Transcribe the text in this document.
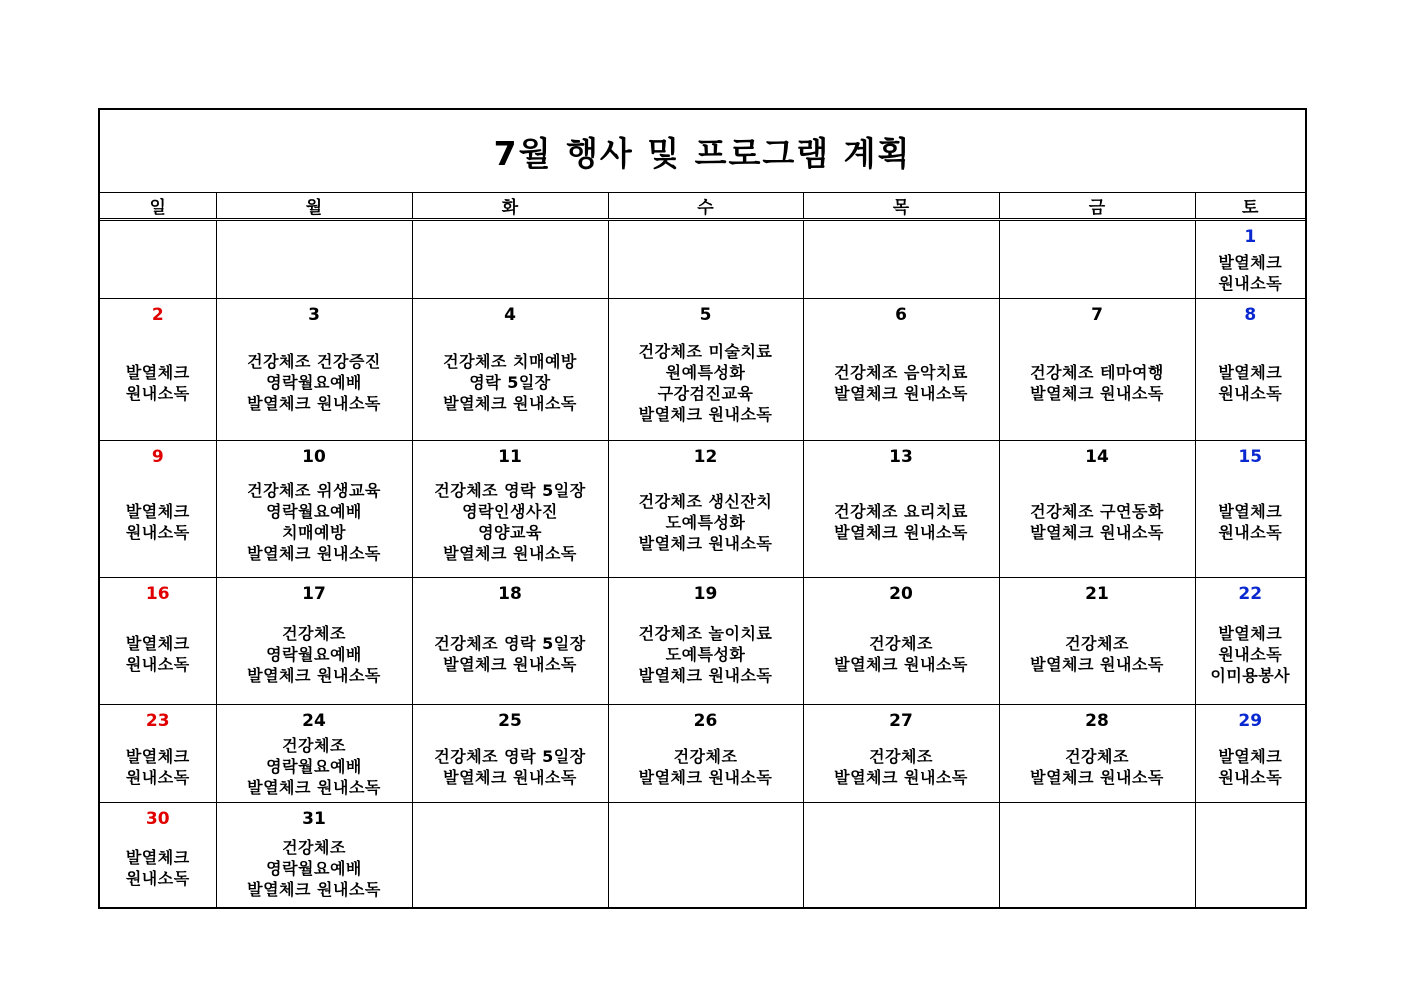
7월 행사 및 프로그램 계획						
일	월	화	수	목	금	토

						1
발열체크
원내소독

2
발열체크
원내소독	3
건강체조 건강증진
영락월요예배
발열체크 원내소독	4
건강체조 치매예방
영락 5일장
발열체크 원내소독	5
건강체조 미술치료
원예특성화
구강검진교육
발열체크 원내소독	6
건강체조 음악치료
발열체크 원내소독	7
건강체조 테마여행
발열체크 원내소독	8
발열체크
원내소독

9
발열체크
원내소독	10
건강체조 위생교육
영락월요예배
치매예방
발열체크 원내소독	11
건강체조 영락 5일장
영락인생사진
영양교육
발열체크 원내소독	12
건강체조 생신잔치
도예특성화
발열체크 원내소독	13
건강체조 요리치료
발열체크 원내소독	14
건강체조 구연동화
발열체크 원내소독	15
발열체크
원내소독

16
발열체크
원내소독	17
건강체조
영락월요예배
발열체크 원내소독	18
건강체조 영락 5일장
발열체크 원내소독	19
건강체조 놀이치료
도예특성화
발열체크 원내소독	20
건강체조
발열체크 원내소독	21
건강체조
발열체크 원내소독	22
발열체크
원내소독
이미용봉사

23
발열체크
원내소독	24
건강체조
영락월요예배
발열체크 원내소독	25
건강체조 영락 5일장
발열체크 원내소독	26
건강체조
발열체크 원내소독	27
건강체조
발열체크 원내소독	28
건강체조
발열체크 원내소독	29
발열체크
원내소독

30
발열체크
원내소독	31
건강체조
영락월요예배
발열체크 원내소독					
